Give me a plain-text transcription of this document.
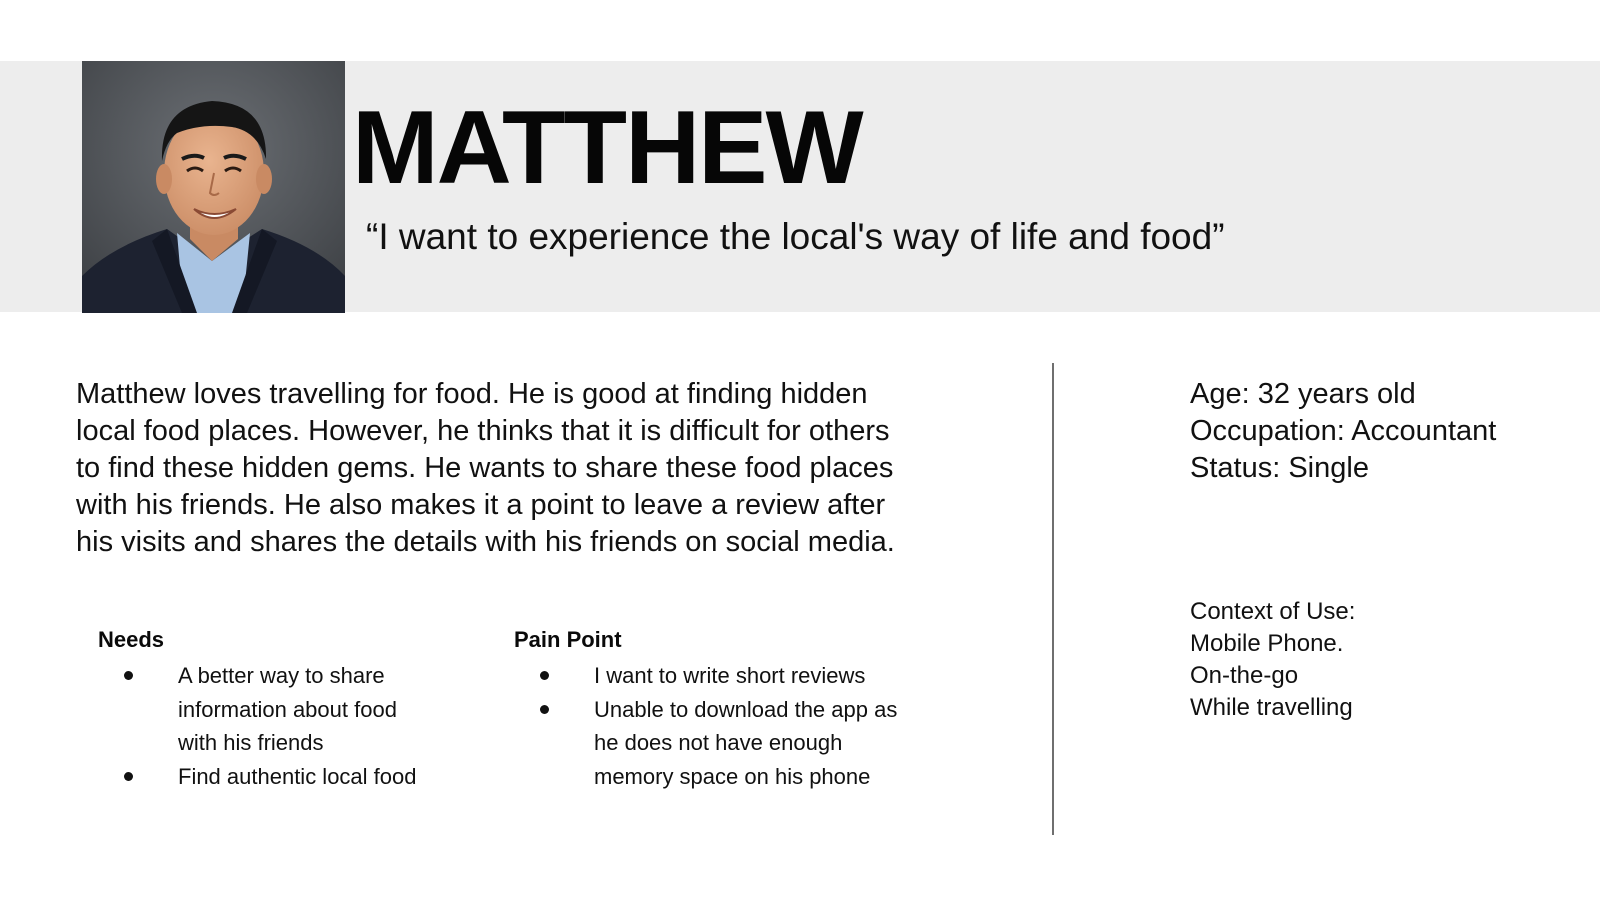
MATTHEW

“I want to experience the local's way of life and food”

Matthew loves travelling for food. He is good at finding hidden
local food places. However, he thinks that it is difficult for others
to find these hidden gems. He wants to share these food places
with his friends. He also makes it a point to leave a review after
his visits and shares the details with his friends on social media.

Age: 32 years old
Occupation: Accountant
Status: Single
Context of Use:
Mobile Phone.
On-the-go
While travelling
Needs
A better way to share
information about food
with his friends
Find authentic local food
Pain Point
I want to write short reviews
Unable to download the app as
he does not have enough
memory space on his phone
